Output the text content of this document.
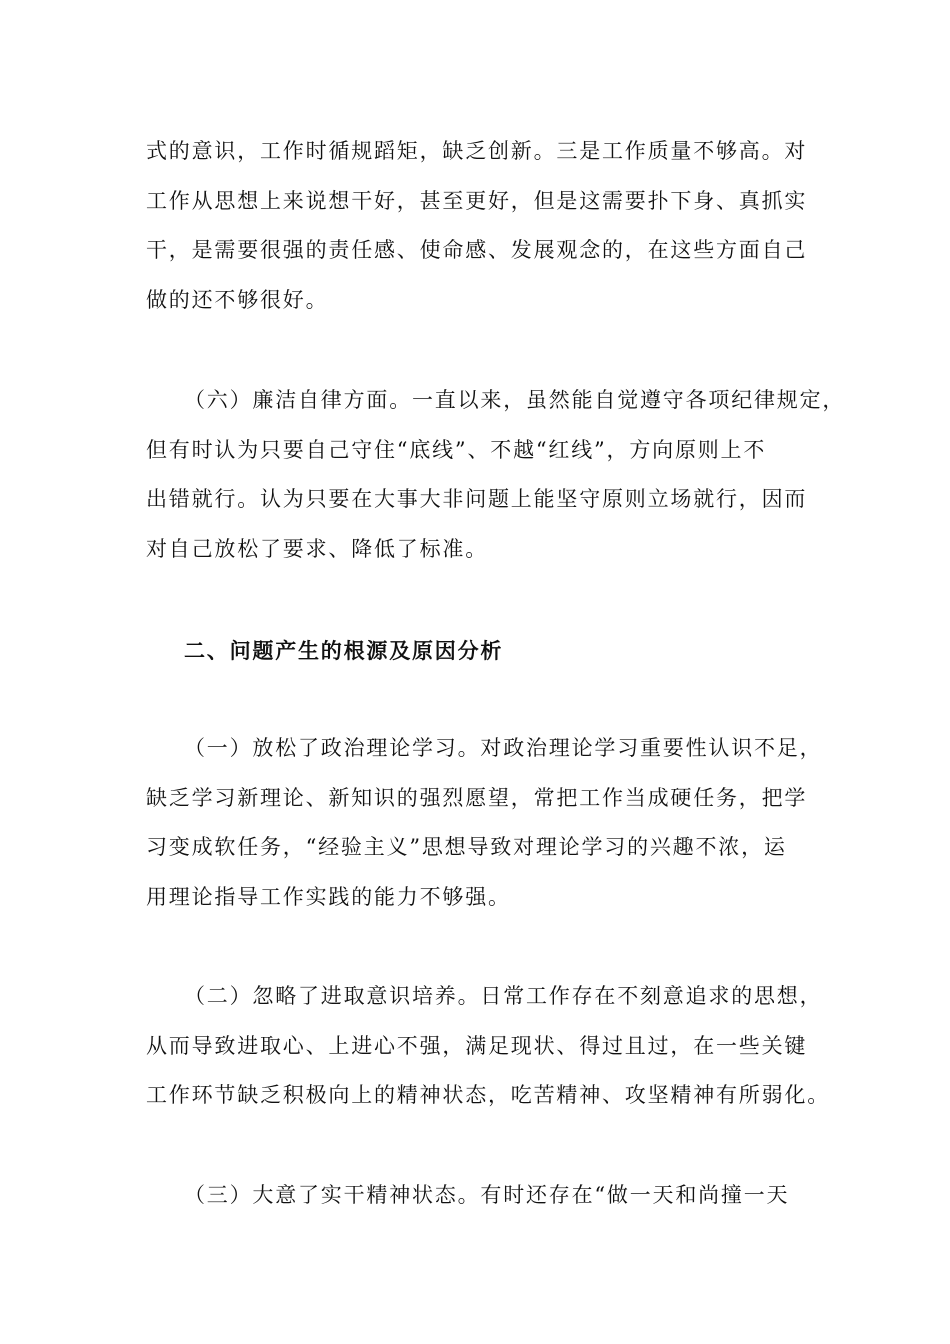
式的意识，工作时循规蹈矩，缺乏创新。三是工作质量不够高。对
工作从思想上来说想干好，甚至更好，但是这需要扑下身、真抓实
干，是需要很强的责任感、使命感、发展观念的，在这些方面自己
做的还不够很好。
（六）廉洁自律方面。一直以来，虽然能自觉遵守各项纪律规定，
但有时认为只要自己守住“底线”、不越“红线”，方向原则上不
出错就行。认为只要在大事大非问题上能坚守原则立场就行，因而
对自己放松了要求、降低了标准。
二、问题产生的根源及原因分析
（一）放松了政治理论学习。对政治理论学习重要性认识不足，
缺乏学习新理论、新知识的强烈愿望，常把工作当成硬任务，把学
习变成软任务，“经验主义”思想导致对理论学习的兴趣不浓，运
用理论指导工作实践的能力不够强。
（二）忽略了进取意识培养。日常工作存在不刻意追求的思想，
从而导致进取心、上进心不强，满足现状、得过且过，在一些关键
工作环节缺乏积极向上的精神状态，吃苦精神、攻坚精神有所弱化。
（三）大意了实干精神状态。有时还存在“做一天和尚撞一天
